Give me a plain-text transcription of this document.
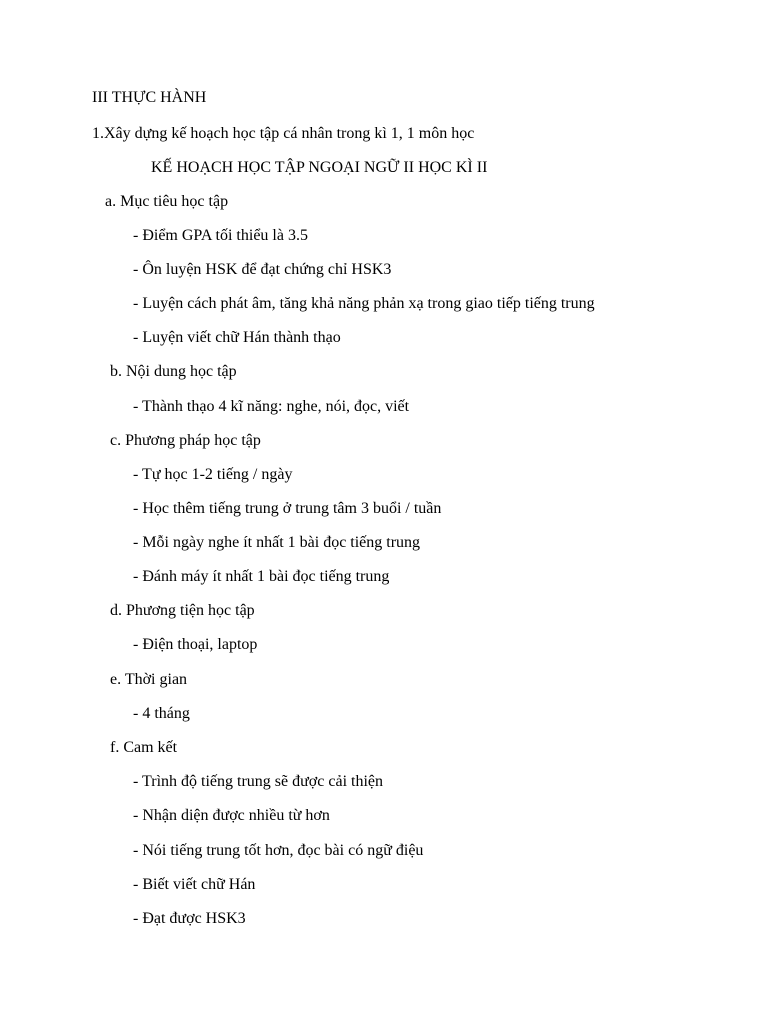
III THỰC HÀNH
1.Xây dựng kế hoạch học tập cá nhân trong kì 1, 1 môn học
KẾ HOẠCH HỌC TẬP NGOẠI NGỮ II HỌC KÌ II
a. Mục tiêu học tập
- Điểm GPA tối thiểu là 3.5
- Ôn luyện HSK để đạt chứng chỉ HSK3
- Luyện cách phát âm, tăng khả năng phản xạ trong giao tiếp tiếng trung
- Luyện viết chữ Hán thành thạo
b. Nội dung học tập
- Thành thạo 4 kĩ năng: nghe, nói, đọc, viết
c. Phương pháp học tập
- Tự học 1-2 tiếng / ngày
- Học thêm tiếng trung ở trung tâm 3 buổi / tuần
- Mỗi ngày nghe ít nhất 1 bài đọc tiếng trung
- Đánh máy ít nhất 1 bài đọc tiếng trung
d. Phương tiện học tập
- Điện thoại, laptop
e. Thời gian
- 4 tháng
f. Cam kết
- Trình độ tiếng trung sẽ được cải thiện
- Nhận diện được nhiều từ hơn
- Nói tiếng trung tốt hơn, đọc bài có ngữ điệu
- Biết viết chữ Hán
- Đạt được HSK3
